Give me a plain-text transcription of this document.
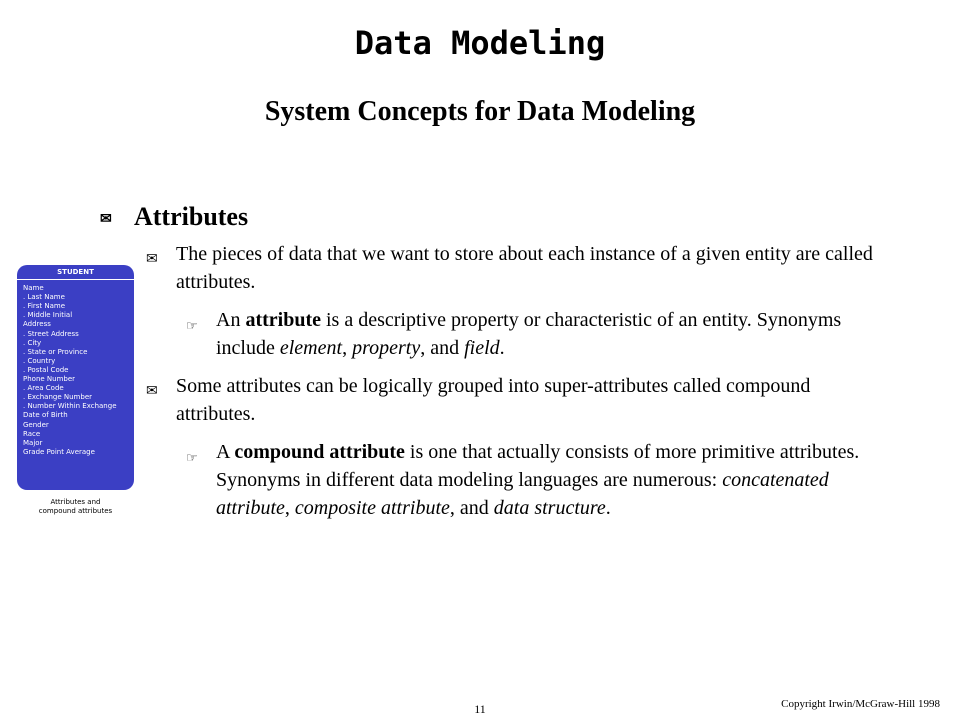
Data Modeling
System Concepts for Data Modeling
STUDENT
Name
. Last Name
. First Name
. Middle Initial
Address
. Street Address
. City
. State or Province
. Country
. Postal Code
Phone Number
. Area Code
. Exchange Number
. Number Within Exchange
Date of Birth
Gender
Race
Major
Grade Point Average
Attributes and
compound attributes
✉ Attributes
✉ The pieces of data that we want to store about each instance of a given entity are called attributes.
☞ An attribute is a descriptive property or characteristic of an entity. Synonyms include element, property, and field.
✉ Some attributes can be logically grouped into super-attributes called compound attributes.
☞ A compound attribute is one that actually consists of more primitive attributes. Synonyms in different data modeling languages are numerous: concatenated attribute, composite attribute, and data structure.
11	Copyright Irwin/McGraw-Hill 1998
